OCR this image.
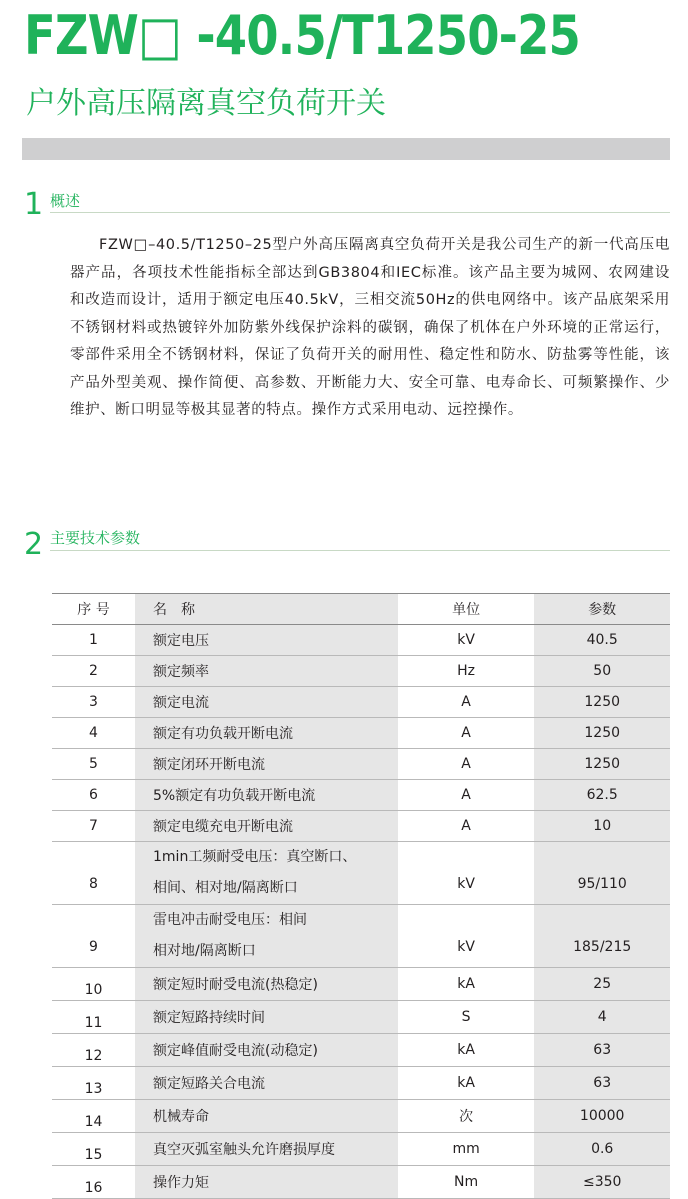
FZW□ -40.5/T1250-25
户外高压隔离真空负荷开关
1 概述

FZW□–40.5/T1250–25型户外高压隔离真空负荷开关是我公司生产的新一代高压电器产品，各项技术性能指标全部达到GB3804和IEC标准。该产品主要为城网、农网建设和改造而设计，适用于额定电压40.5kV，三相交流50Hz的供电网络中。该产品底架采用不锈钢材料或热镀锌外加防紫外线保护涂料的碳钢，确保了机体在户外环境的正常运行，零部件采用全不锈钢材料，保证了负荷开关的耐用性、稳定性和防水、防盐雾等性能，该产品外型美观、操作简便、高参数、开断能力大、安全可靠、电寿命长、可频繁操作、少维护、断口明显等极其显著的特点。操作方式采用电动、远控操作。

2 主要技术参数
序 号	名　称	单位	参数
1	额定电压	kV	40.5
2	额定频率	Hz	50
3	额定电流	A	1250
4	额定有功负载开断电流	A	1250
5	额定闭环开断电流	A	1250
6	5%额定有功负载开断电流	A	62.5
7	额定电缆充电开断电流	A	10
8	1min工频耐受电压：真空断口、
相间、相对地/隔离断口	kV	95/110
9	雷电冲击耐受电压：相间
相对地/隔离断口	kV	185/215
10	额定短时耐受电流(热稳定)	kA	25
11	额定短路持续时间	S	4
12	额定峰值耐受电流(动稳定)	kA	63
13	额定短路关合电流	kA	63
14	机械寿命	次	10000
15	真空灭弧室触头允许磨损厚度	mm	0.6
16	操作力矩	Nm	≤350
